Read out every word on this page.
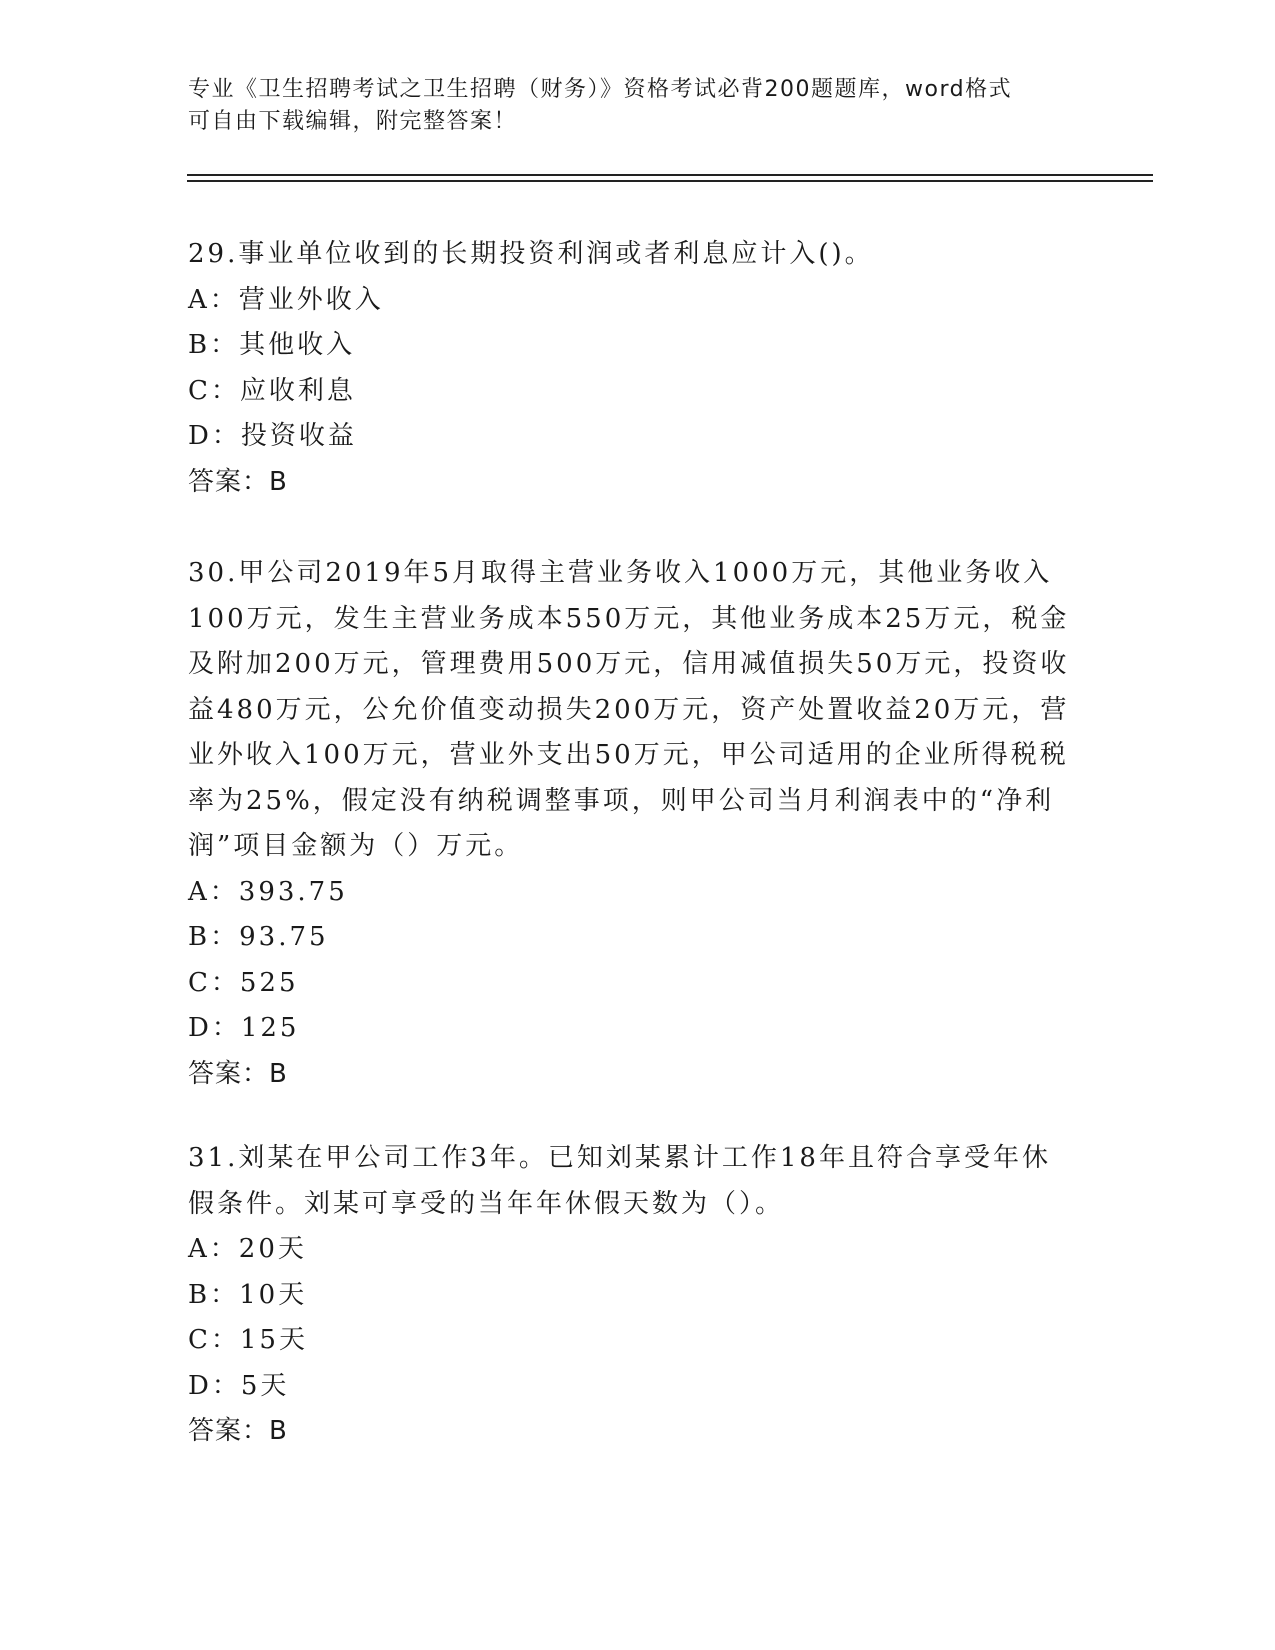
专业《卫生招聘考试之卫生招聘（财务）》资格考试必背200题题库，word格式
可自由下载编辑，附完整答案！
29.事业单位收到的长期投资利润或者利息应计入()。
A：营业外收入
B：其他收入
C：应收利息
D：投资收益
答案：B
30.甲公司2019年5月取得主营业务收入1000万元，其他业务收入
100万元，发生主营业务成本550万元，其他业务成本25万元，税金
及附加200万元，管理费用500万元，信用减值损失50万元，投资收
益480万元，公允价值变动损失200万元，资产处置收益20万元，营
业外收入100万元，营业外支出50万元，甲公司适用的企业所得税税
率为25%，假定没有纳税调整事项，则甲公司当月利润表中的“净利
润”项目金额为（）万元。
A：393.75
B：93.75
C：525
D：125
答案：B
31.刘某在甲公司工作3年。已知刘某累计工作18年且符合享受年休
假条件。刘某可享受的当年年休假天数为（）。
A：20天
B：10天
C：15天
D：5天
答案：B
